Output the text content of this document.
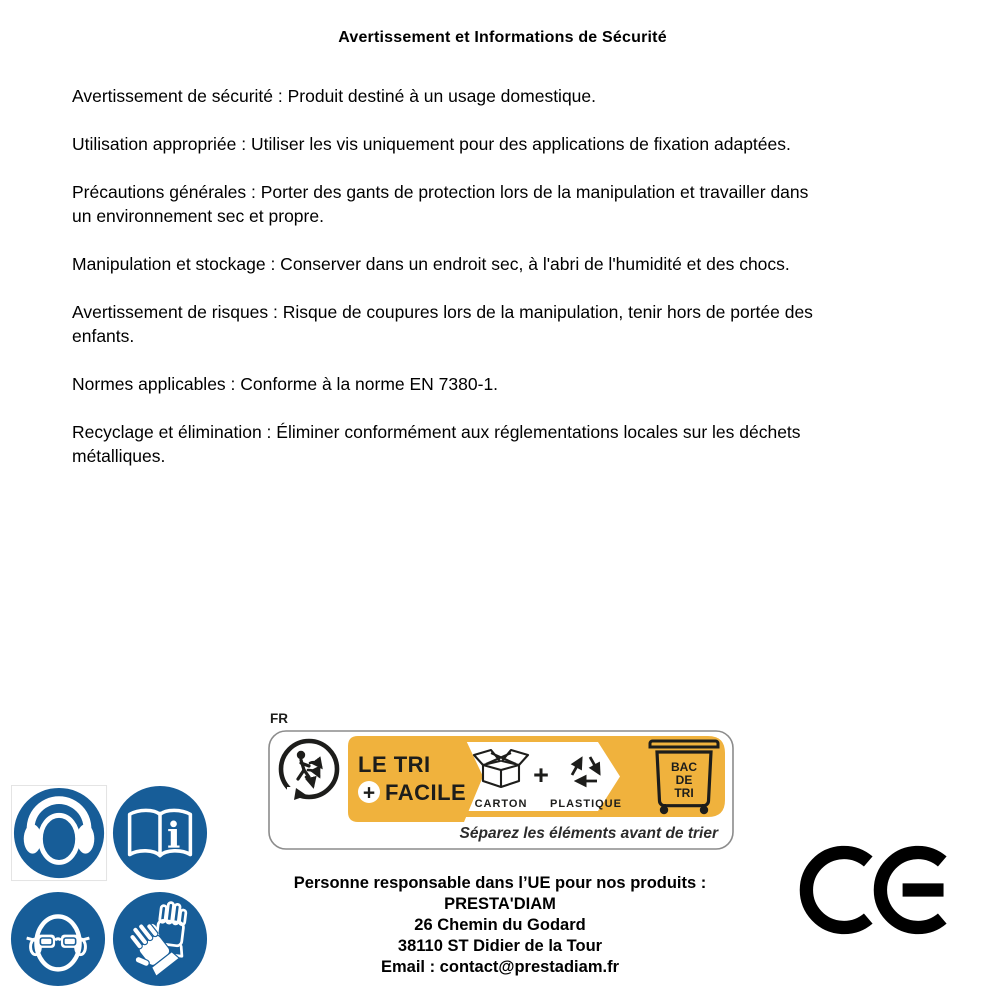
Avertissement et Informations de Sécurité

Avertissement de sécurité : Produit destiné à un usage domestique.

Utilisation appropriée : Utiliser les vis uniquement pour des applications de fixation adaptées.

Précautions générales : Porter des gants de protection lors de la manipulation et travailler dans
un environnement sec et propre.

Manipulation et stockage : Conserver dans un endroit sec, à l'abri de l'humidité et des chocs.

Avertissement de risques : Risque de coupures lors de la manipulation, tenir hors de portée des
enfants.

Normes applicables : Conforme à la norme EN 7380-1.

Recyclage et élimination : Éliminer conformément aux réglementations locales sur les déchets
métalliques.

i
FR
LE TRI
+ FACILE CARTON
+
PLASTIQUE
BAC
DE
TRI
Séparez les éléments avant de trier
Personne responsable dans l’UE pour nos produits :
PRESTA'DIAM
26 Chemin du Godard
38110 ST Didier de la Tour
Email : contact@prestadiam.fr
